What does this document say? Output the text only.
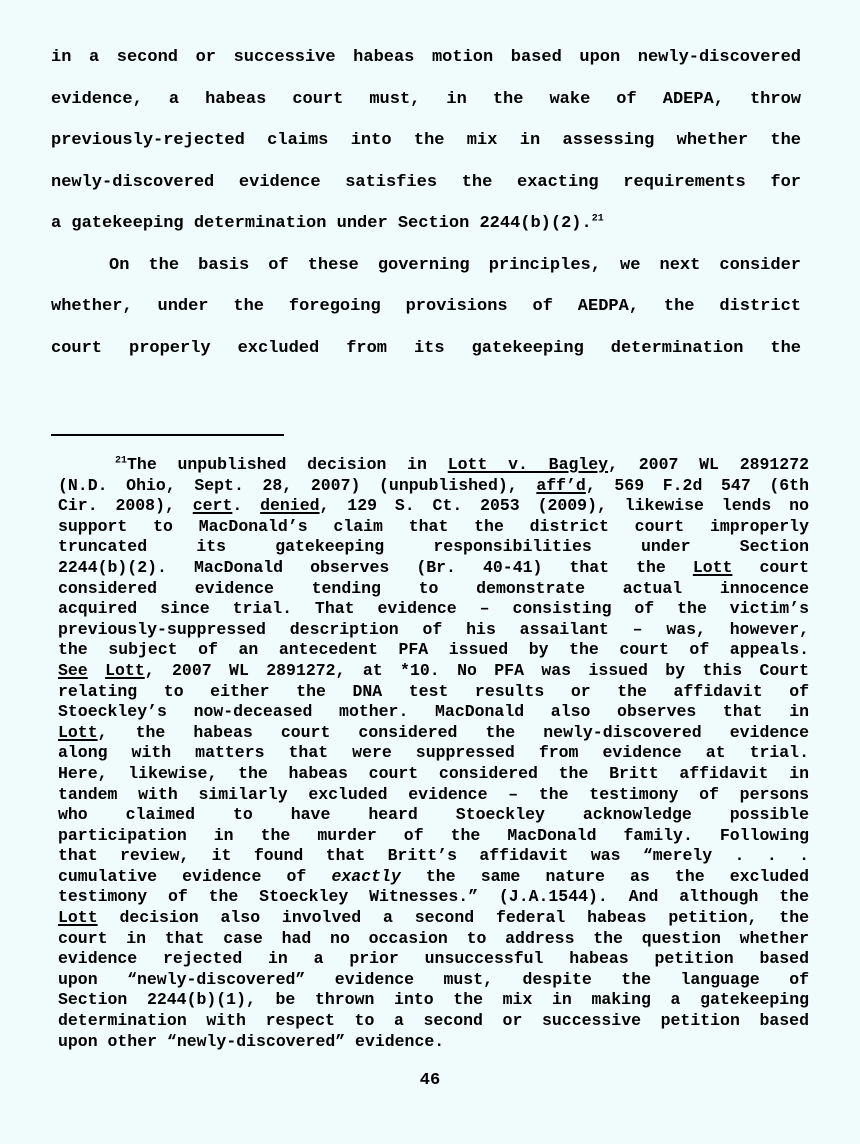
in a second or successive habeas motion based upon newly-discovered
evidence, a habeas court must, in the wake of ADEPA, throw
previously-rejected claims into the mix in assessing whether the
newly-discovered evidence satisfies the exacting requirements for
a gatekeeping determination under Section 2244(b)(2).$^{21}$
On the basis of these governing principles, we next consider
whether, under the foregoing provisions of AEDPA, the district
court properly excluded from its gatekeeping determination the
$^{21}$The unpublished decision in Lott v. Bagley, 2007 WL 2891272
(N.D. Ohio, Sept. 28, 2007) (unpublished), aff’d, 569 F.2d 547 (6th
Cir. 2008), cert. denied, 129 S. Ct. 2053 (2009), likewise lends no
support to MacDonald’s claim that the district court improperly
truncated its gatekeeping responsibilities under Section
2244(b)(2). MacDonald observes (Br. 40-41) that the Lott court
considered evidence tending to demonstrate actual innocence
acquired since trial. That evidence – consisting of the victim’s
previously-suppressed description of his assailant – was, however,
the subject of an antecedent PFA issued by the court of appeals.
See Lott, 2007 WL 2891272, at *10. No PFA was issued by this Court
relating to either the DNA test results or the affidavit of
Stoeckley’s now-deceased mother. MacDonald also observes that in
Lott, the habeas court considered the newly-discovered evidence
along with matters that were suppressed from evidence at trial.
Here, likewise, the habeas court considered the Britt affidavit in
tandem with similarly excluded evidence – the testimony of persons
who claimed to have heard Stoeckley acknowledge possible
participation in the murder of the MacDonald family. Following
that review, it found that Britt’s affidavit was “merely . . .
cumulative evidence of exactly the same nature as the excluded
testimony of the Stoeckley Witnesses.” (J.A.1544). And although the
Lott decision also involved a second federal habeas petition, the
court in that case had no occasion to address the question whether
evidence rejected in a prior unsuccessful habeas petition based
upon “newly-discovered” evidence must, despite the language of
Section 2244(b)(1), be thrown into the mix in making a gatekeeping
determination with respect to a second or successive petition based
upon other “newly-discovered” evidence.
46
